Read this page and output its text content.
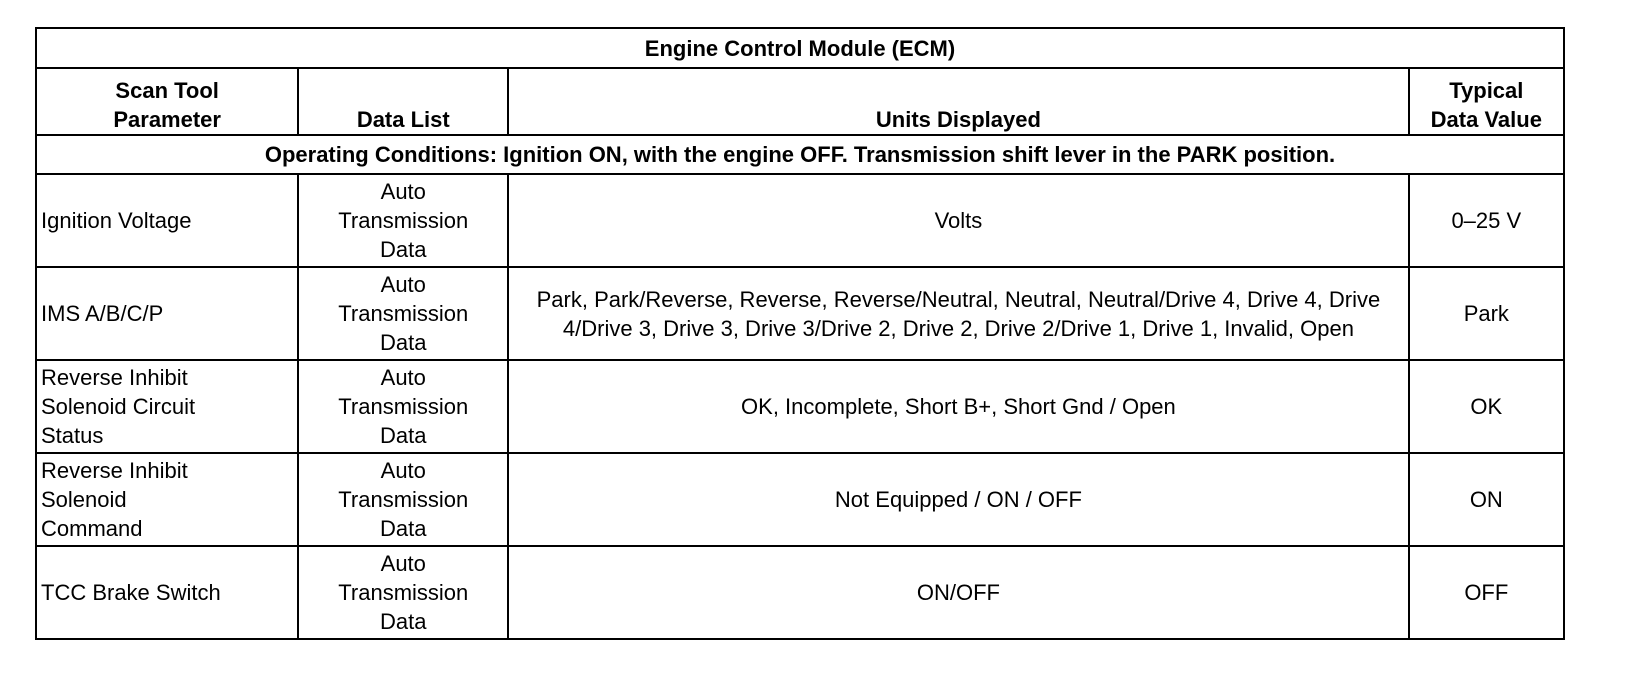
Engine Control Module (ECM)			

Scan Tool Parameter	Data List	Units Displayed	Typical Data Value

Operating Conditions: Ignition ON, with the engine OFF. Transmission shift lever in the PARK position.			
Ignition Voltage	Auto Transmission Data	Volts	0–25 V
IMS A/B/C/P	Auto Transmission Data	Park, Park/Reverse, Reverse, Reverse/Neutral, Neutral, Neutral/Drive 4, Drive 4, Drive 4/Drive 3, Drive 3, Drive 3/Drive 2, Drive 2, Drive 2/Drive 1, Drive 1, Invalid, Open	Park

Reverse Inhibit Solenoid Circuit Status	Auto Transmission Data	OK, Incomplete, Short B+, Short Gnd / Open	OK

Reverse Inhibit Solenoid Command	Auto Transmission Data	Not Equipped / ON / OFF	ON
TCC Brake Switch	Auto Transmission Data	ON/OFF	OFF
